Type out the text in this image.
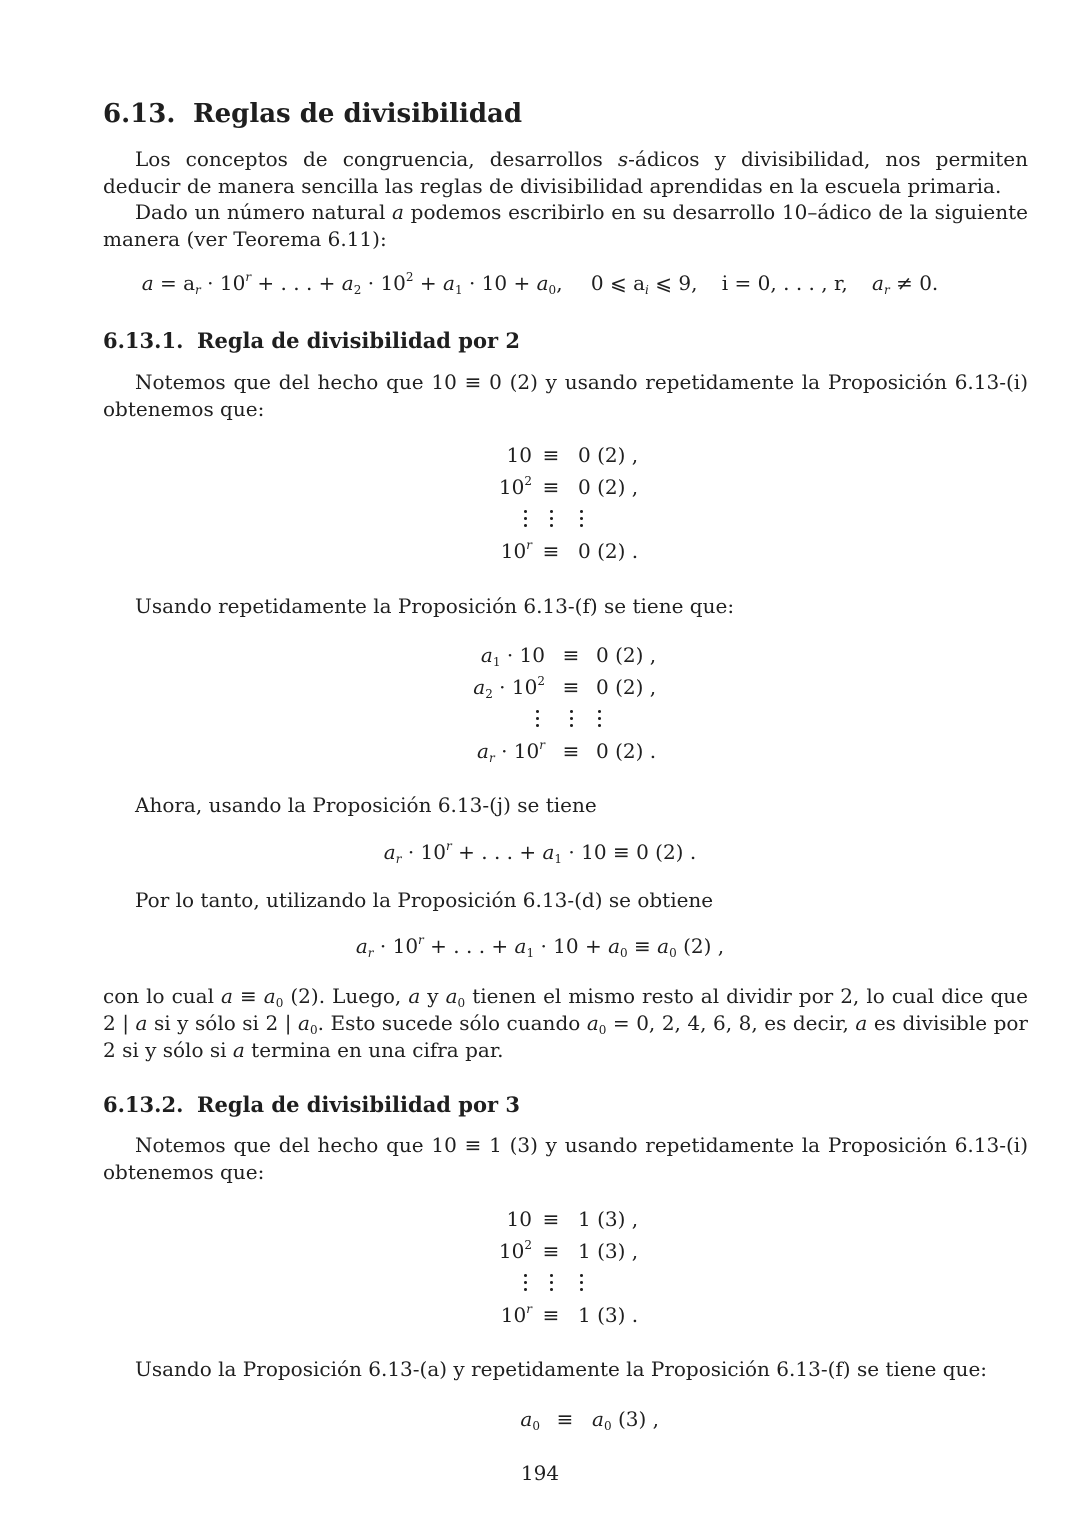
6.13. Reglas de divisibilidad
Los conceptos de congruencia, desarrollos s-ádicos y divisibilidad, nos permiten deducir de manera sencilla las reglas de divisibilidad aprendidas en la escuela primaria.
Dado un número natural a podemos escribirlo en su desarrollo 10–ádico de la siguiente manera (ver Teorema 6.11):
$a = a_r \cdot 10^r$ + . . . + $a_2 \cdot 10^2 + a_1 \cdot 10 + a_0$, 0 ⩽ $a_i$ ⩽ 9, i = 0, . . . , r, $a_r \ne 0$.
6.13.1. Regla de divisibilidad por 2
Notemos que del hecho que 10 ≡ 0 (2) y usando repetidamente la Proposición 6.13-(i) obtenemos que:
10 ≡ 0 (2) ,
$10^2 \equiv 0$ (2) ,
$10^r \equiv 0$ (2) .
Usando repetidamente la Proposición 6.13-(f) se tiene que:
$a_1 \cdot 10 \equiv 0$ (2) ,
$a_2 \cdot 10^2 \equiv 0$ (2) ,
$a_r \cdot 10^r \equiv 0$ (2) .
Ahora, usando la Proposición 6.13-(j) se tiene
$a_r \cdot 10^r$ + . . . + $a_1 \cdot 10 \equiv 0$ (2) .
Por lo tanto, utilizando la Proposición 6.13-(d) se obtiene
$a_r \cdot 10^r$ + . . . + $a_1 \cdot 10 + a_0 \equiv a_0$ (2) ,
con lo cual $a \equiv a_0$ (2). Luego, a y $a_0$ tienen el mismo resto al dividir por 2, lo cual dice que 2 | a si y sólo si 2 | $a_0$. Esto sucede sólo cuando $a_0 = 0$, 2, 4, 6, 8, es decir, a es divisible por 2 si y sólo si a termina en una cifra par.
6.13.2. Regla de divisibilidad por 3
Notemos que del hecho que 10 ≡ 1 (3) y usando repetidamente la Proposición 6.13-(i) obtenemos que:
10 ≡ 1 (3) ,
$10^2 \equiv 1$ (3) ,
$10^r \equiv 1$ (3) .
Usando la Proposición 6.13-(a) y repetidamente la Proposición 6.13-(f) se tiene que:
$a_0 \equiv a_0$ (3) ,
194
